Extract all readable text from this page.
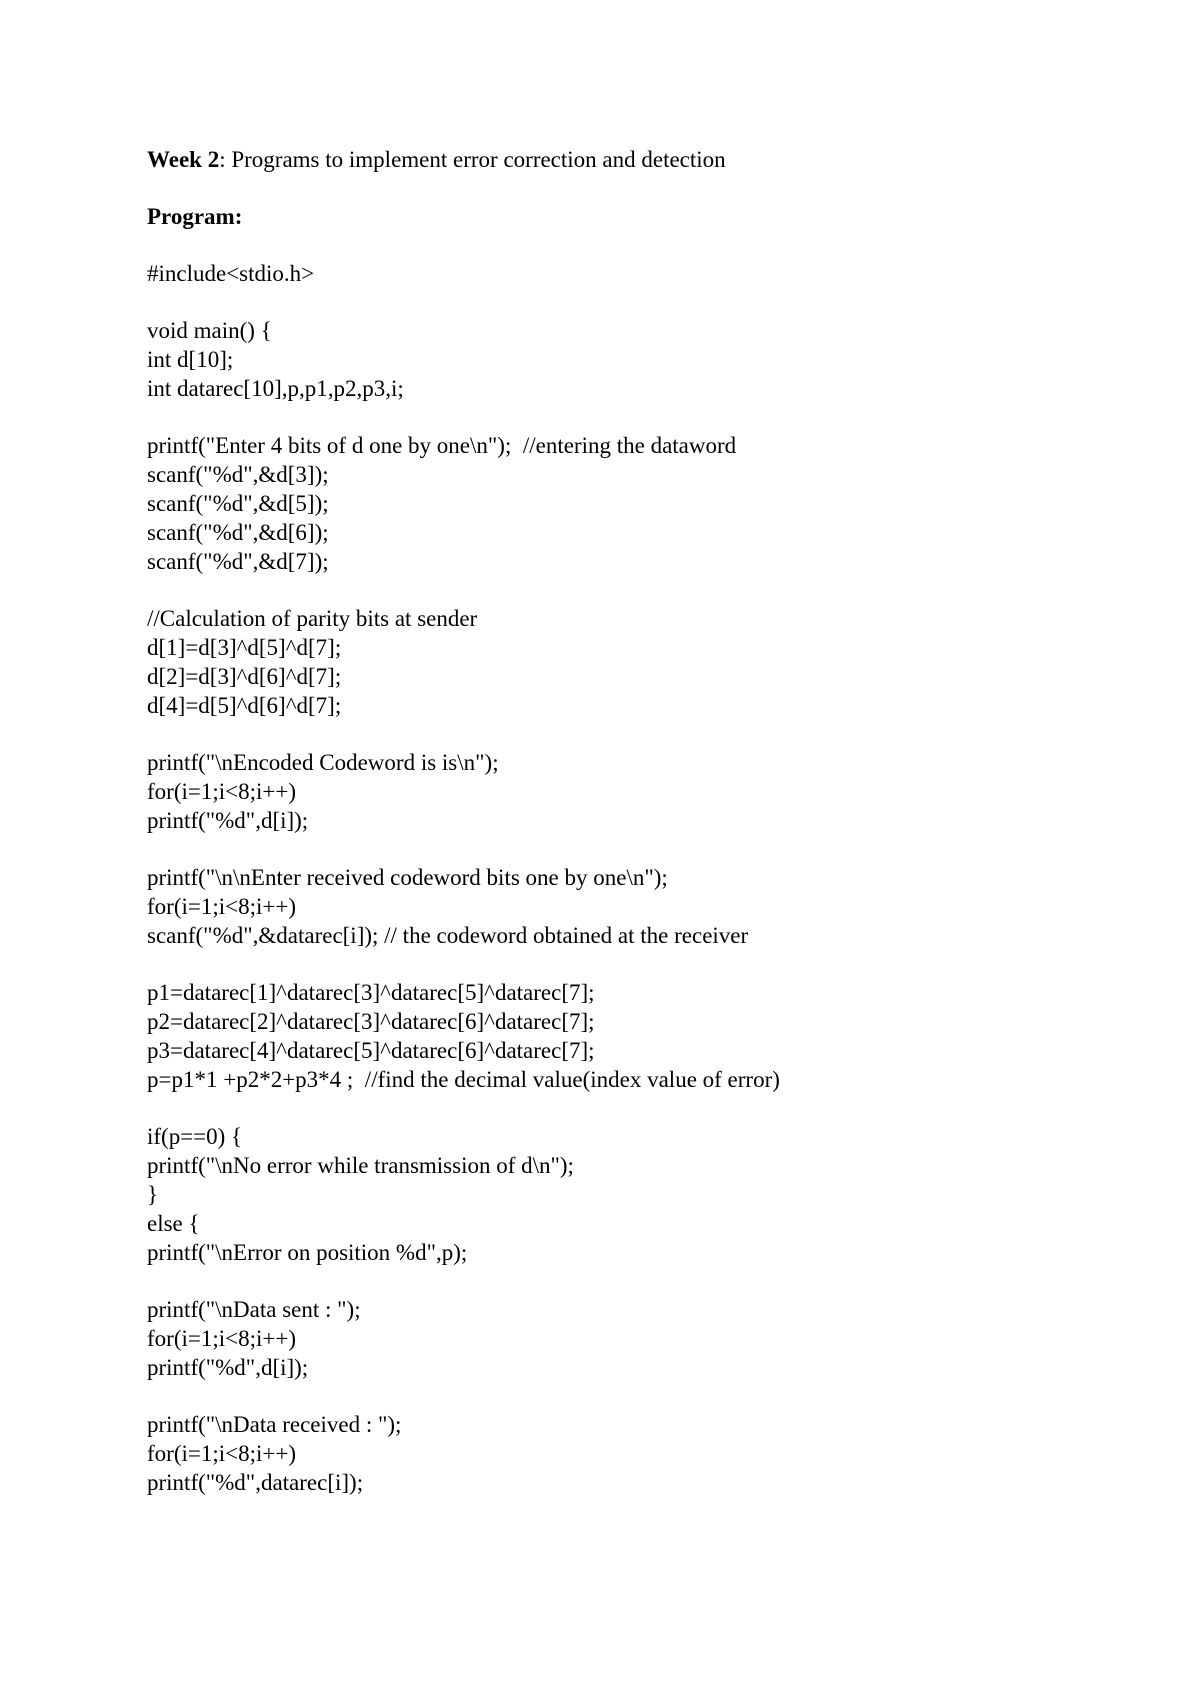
Week 2: Programs to implement error correction and detection
Program:
#include<stdio.h>
void main() {
int d[10];
int datarec[10],p,p1,p2,p3,i;
printf("Enter 4 bits of d one by one\n");  //entering the dataword
scanf("%d",&d[3]);
scanf("%d",&d[5]);
scanf("%d",&d[6]);
scanf("%d",&d[7]);
//Calculation of parity bits at sender
d[1]=d[3]^d[5]^d[7];
d[2]=d[3]^d[6]^d[7];
d[4]=d[5]^d[6]^d[7];
printf("\nEncoded Codeword is is\n");
for(i=1;i<8;i++)
printf("%d",d[i]);
printf("\n\nEnter received codeword bits one by one\n");
for(i=1;i<8;i++)
scanf("%d",&datarec[i]); // the codeword obtained at the receiver
p1=datarec[1]^datarec[3]^datarec[5]^datarec[7];
p2=datarec[2]^datarec[3]^datarec[6]^datarec[7];
p3=datarec[4]^datarec[5]^datarec[6]^datarec[7];
p=p1*1 +p2*2+p3*4 ;  //find the decimal value(index value of error)
if(p==0) {
printf("\nNo error while transmission of d\n");
}
else {
printf("\nError on position %d",p);
printf("\nData sent : ");
for(i=1;i<8;i++)
printf("%d",d[i]);
printf("\nData received : ");
for(i=1;i<8;i++)
printf("%d",datarec[i]);
